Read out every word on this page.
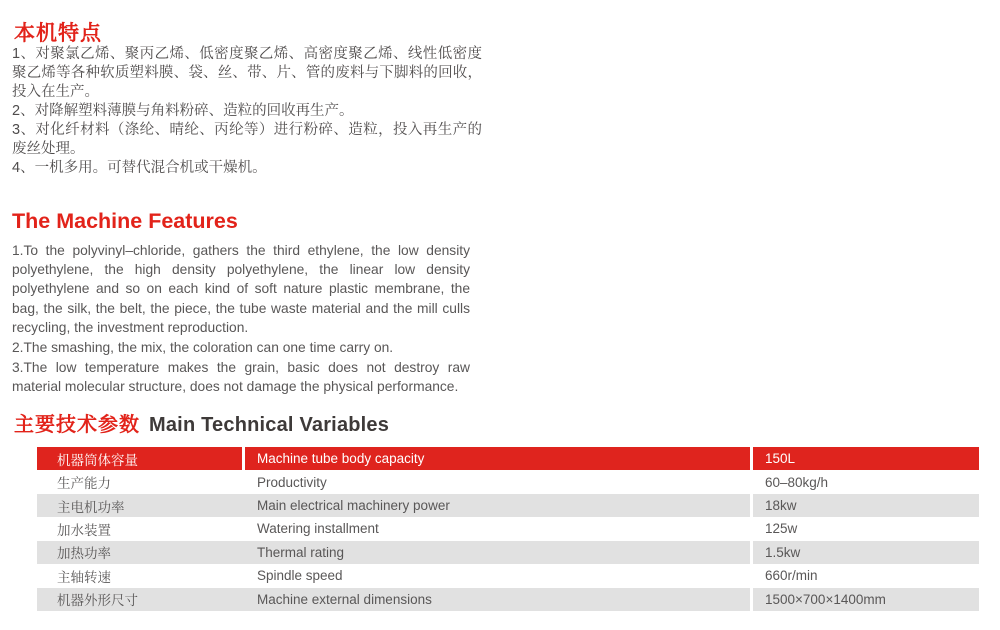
本机特点

1、对聚氯乙烯、聚丙乙烯、低密度聚乙烯、高密度聚乙烯、线性低密度聚乙烯等各种软质塑料膜、袋、丝、带、片、管的废料与下脚料的回收，投入在生产。

2、对降解塑料薄膜与角料粉碎、造粒的回收再生产。

3、对化纤材料（涤纶、晴纶、丙纶等）进行粉碎、造粒，投入再生产的废丝处理。

4、一机多用。可替代混合机或干燥机。

The Machine Features

1.To the polyvinyl–chloride, gathers the third ethylene, the low density polyethylene, the high density polyethylene, the linear low density polyethylene and so on each kind of soft nature plastic membrane, the bag, the silk, the belt, the piece, the tube waste material and the mill culls recycling, the investment reproduction.

2.The smashing, the mix, the coloration can one time carry on.

3.The low temperature makes the grain, basic does not destroy raw material molecular structure, does not damage the physical performance.

主要技术参数 Main Technical Variables
机器筒体容量	Machine tube body capacity	150L
生产能力	Productivity	60–80kg/h
主电机功率	Main electrical machinery power	18kw
加水装置	Watering installment	125w
加热功率	Thermal rating	1.5kw
主轴转速	Spindle speed	660r/min
机器外形尺寸	Machine external dimensions	1500×700×1400mm
